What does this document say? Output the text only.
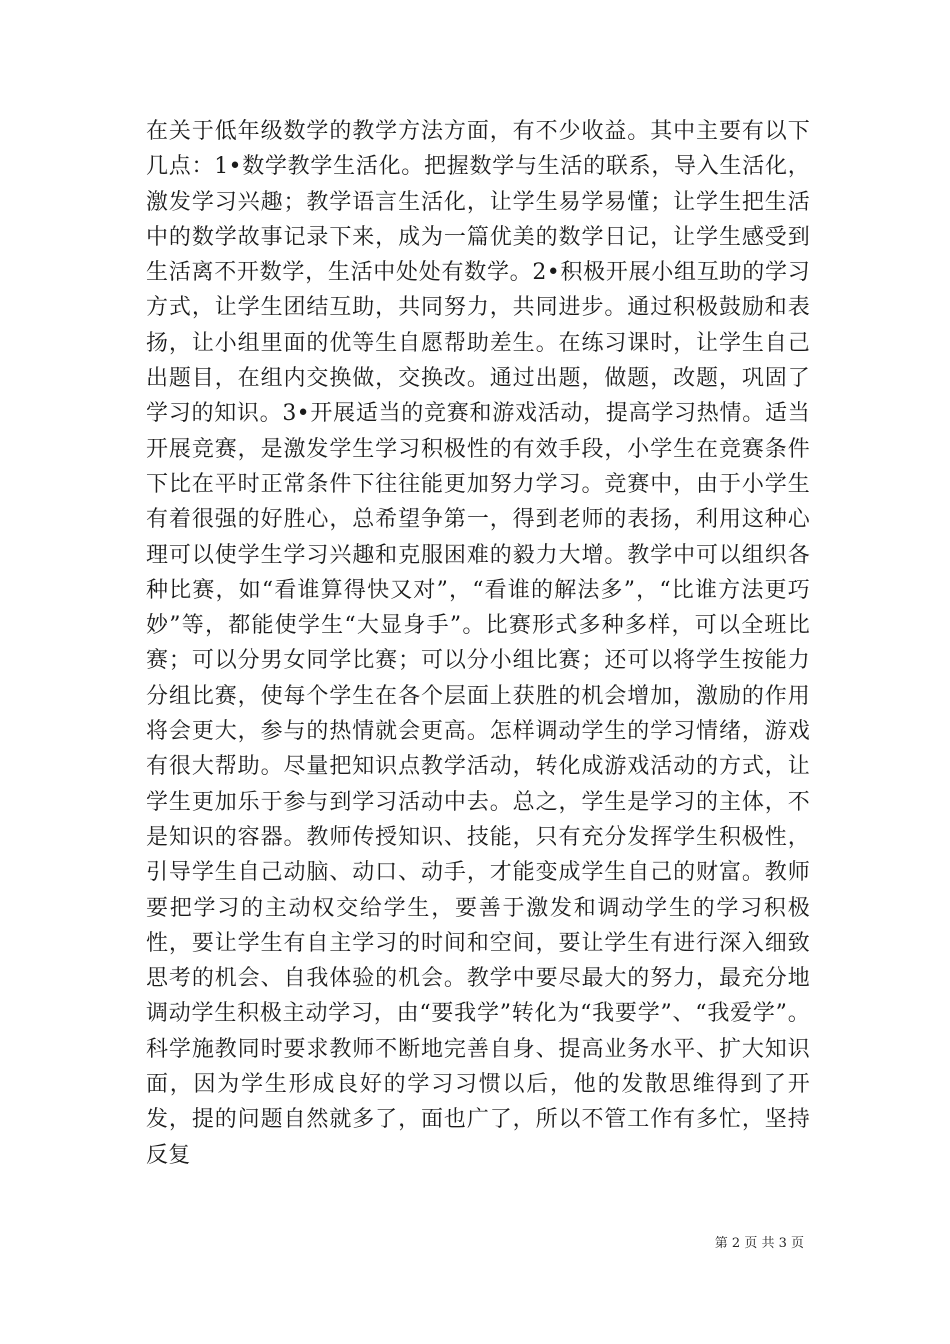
在关于低年级数学的教学方法方面，有不少收益。其中主要有以下几点：1•数学教学生活化。把握数学与生活的联系，导入生活化，激发学习兴趣；教学语言生活化，让学生易学易懂；让学生把生活中的数学故事记录下来，成为一篇优美的数学日记，让学生感受到生活离不开数学，生活中处处有数学。2•积极开展小组互助的学习方式，让学生团结互助，共同努力，共同进步。通过积极鼓励和表扬，让小组里面的优等生自愿帮助差生。在练习课时，让学生自己出题目，在组内交换做，交换改。通过出题，做题，改题，巩固了学习的知识。3•开展适当的竞赛和游戏活动，提高学习热情。适当开展竞赛，是激发学生学习积极性的有效手段，小学生在竞赛条件下比在平时正常条件下往往能更加努力学习。竞赛中，由于小学生有着很强的好胜心，总希望争第一，得到老师的表扬，利用这种心理可以使学生学习兴趣和克服困难的毅力大增。教学中可以组织各种比赛，如“看谁算得快又对”，“看谁的解法多”，“比谁方法更巧妙”等，都能使学生“大显身手”。比赛形式多种多样，可以全班比赛；可以分男女同学比赛；可以分小组比赛；还可以将学生按能力分组比赛，使每个学生在各个层面上获胜的机会增加，激励的作用将会更大，参与的热情就会更高。怎样调动学生的学习情绪，游戏有很大帮助。尽量把知识点教学活动，转化成游戏活动的方式，让学生更加乐于参与到学习活动中去。总之，学生是学习的主体，不是知识的容器。教师传授知识、技能，只有充分发挥学生积极性，引导学生自己动脑、动口、动手，才能变成学生自己的财富。教师要把学习的主动权交给学生，要善于激发和调动学生的学习积极性，要让学生有自主学习的时间和空间，要让学生有进行深入细致思考的机会、自我体验的机会。教学中要尽最大的努力，最充分地调动学生积极主动学习，由“要我学”转化为“我要学”、“我爱学”。科学施教同时要求教师不断地完善自身、提高业务水平、扩大知识面，因为学生形成良好的学习习惯以后，他的发散思维得到了开发，提的问题自然就多了，面也广了，所以不管工作有多忙，坚持反复

第 2 页 共 3 页
